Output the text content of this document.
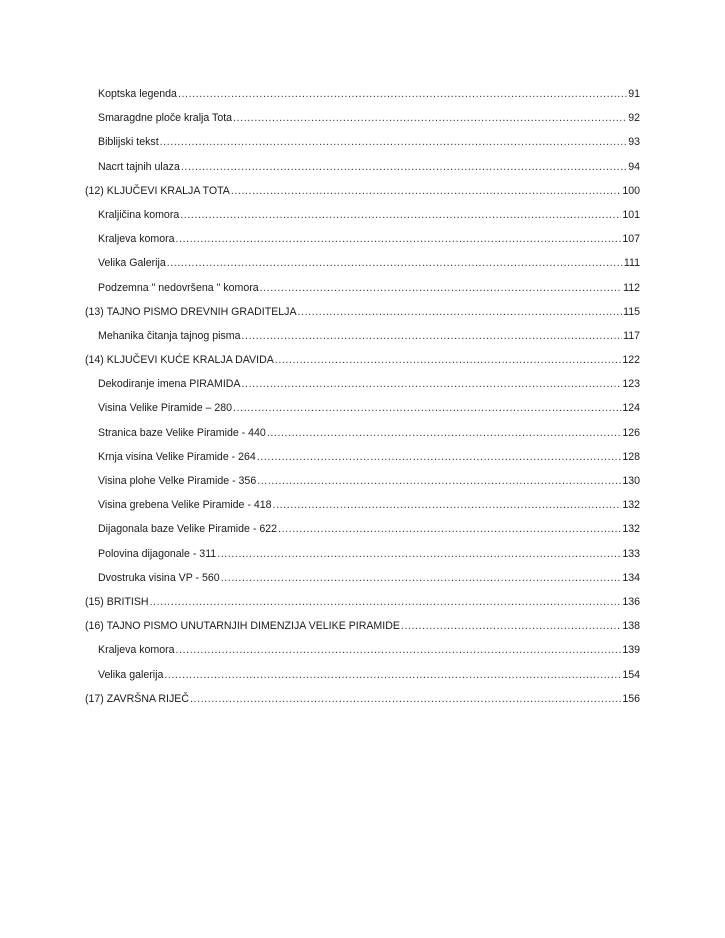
Koptska legenda .....	91
Smaragdne ploče kralja Tota .....	92
Biblijski tekst .....	93
Nacrt tajnih ulaza .....	94
(12) KLJUČEVI KRALJA TOTA .....	100
Kraljičina komora .....	101
Kraljeva komora .....	107
Velika Galerija .....	111
Podzemna " nedovršena " komora .....	112
(13) TAJNO PISMO DREVNIH GRADITELJA .....	115
Mehanika čitanja tajnog pisma .....	117
(14) KLJUČEVI KUĆE KRALJA DAVIDA .....	122
Dekodiranje imena PIRAMIDA .....	123
Visina Velike Piramide – 280 .....	124
Stranica baze Velike Piramide - 440 .....	126
Krnja visina Velike Piramide - 264 .....	128
Visina plohe Velke Piramide - 356 .....	130
Visina grebena Velike Piramide - 418 .....	132
Dijagonala baze Velike Piramide - 622 .....	132
Polovina dijagonale - 311 .....	133
Dvostruka visina VP - 560 .....	134
(15) BRITISH .....	136
(16) TAJNO PISMO UNUTARNJIH DIMENZIJA VELIKE PIRAMIDE .....	138
Kraljeva komora .....	139
Velika galerija .....	154
(17) ZAVRŠNA RIJEČ .....	156
